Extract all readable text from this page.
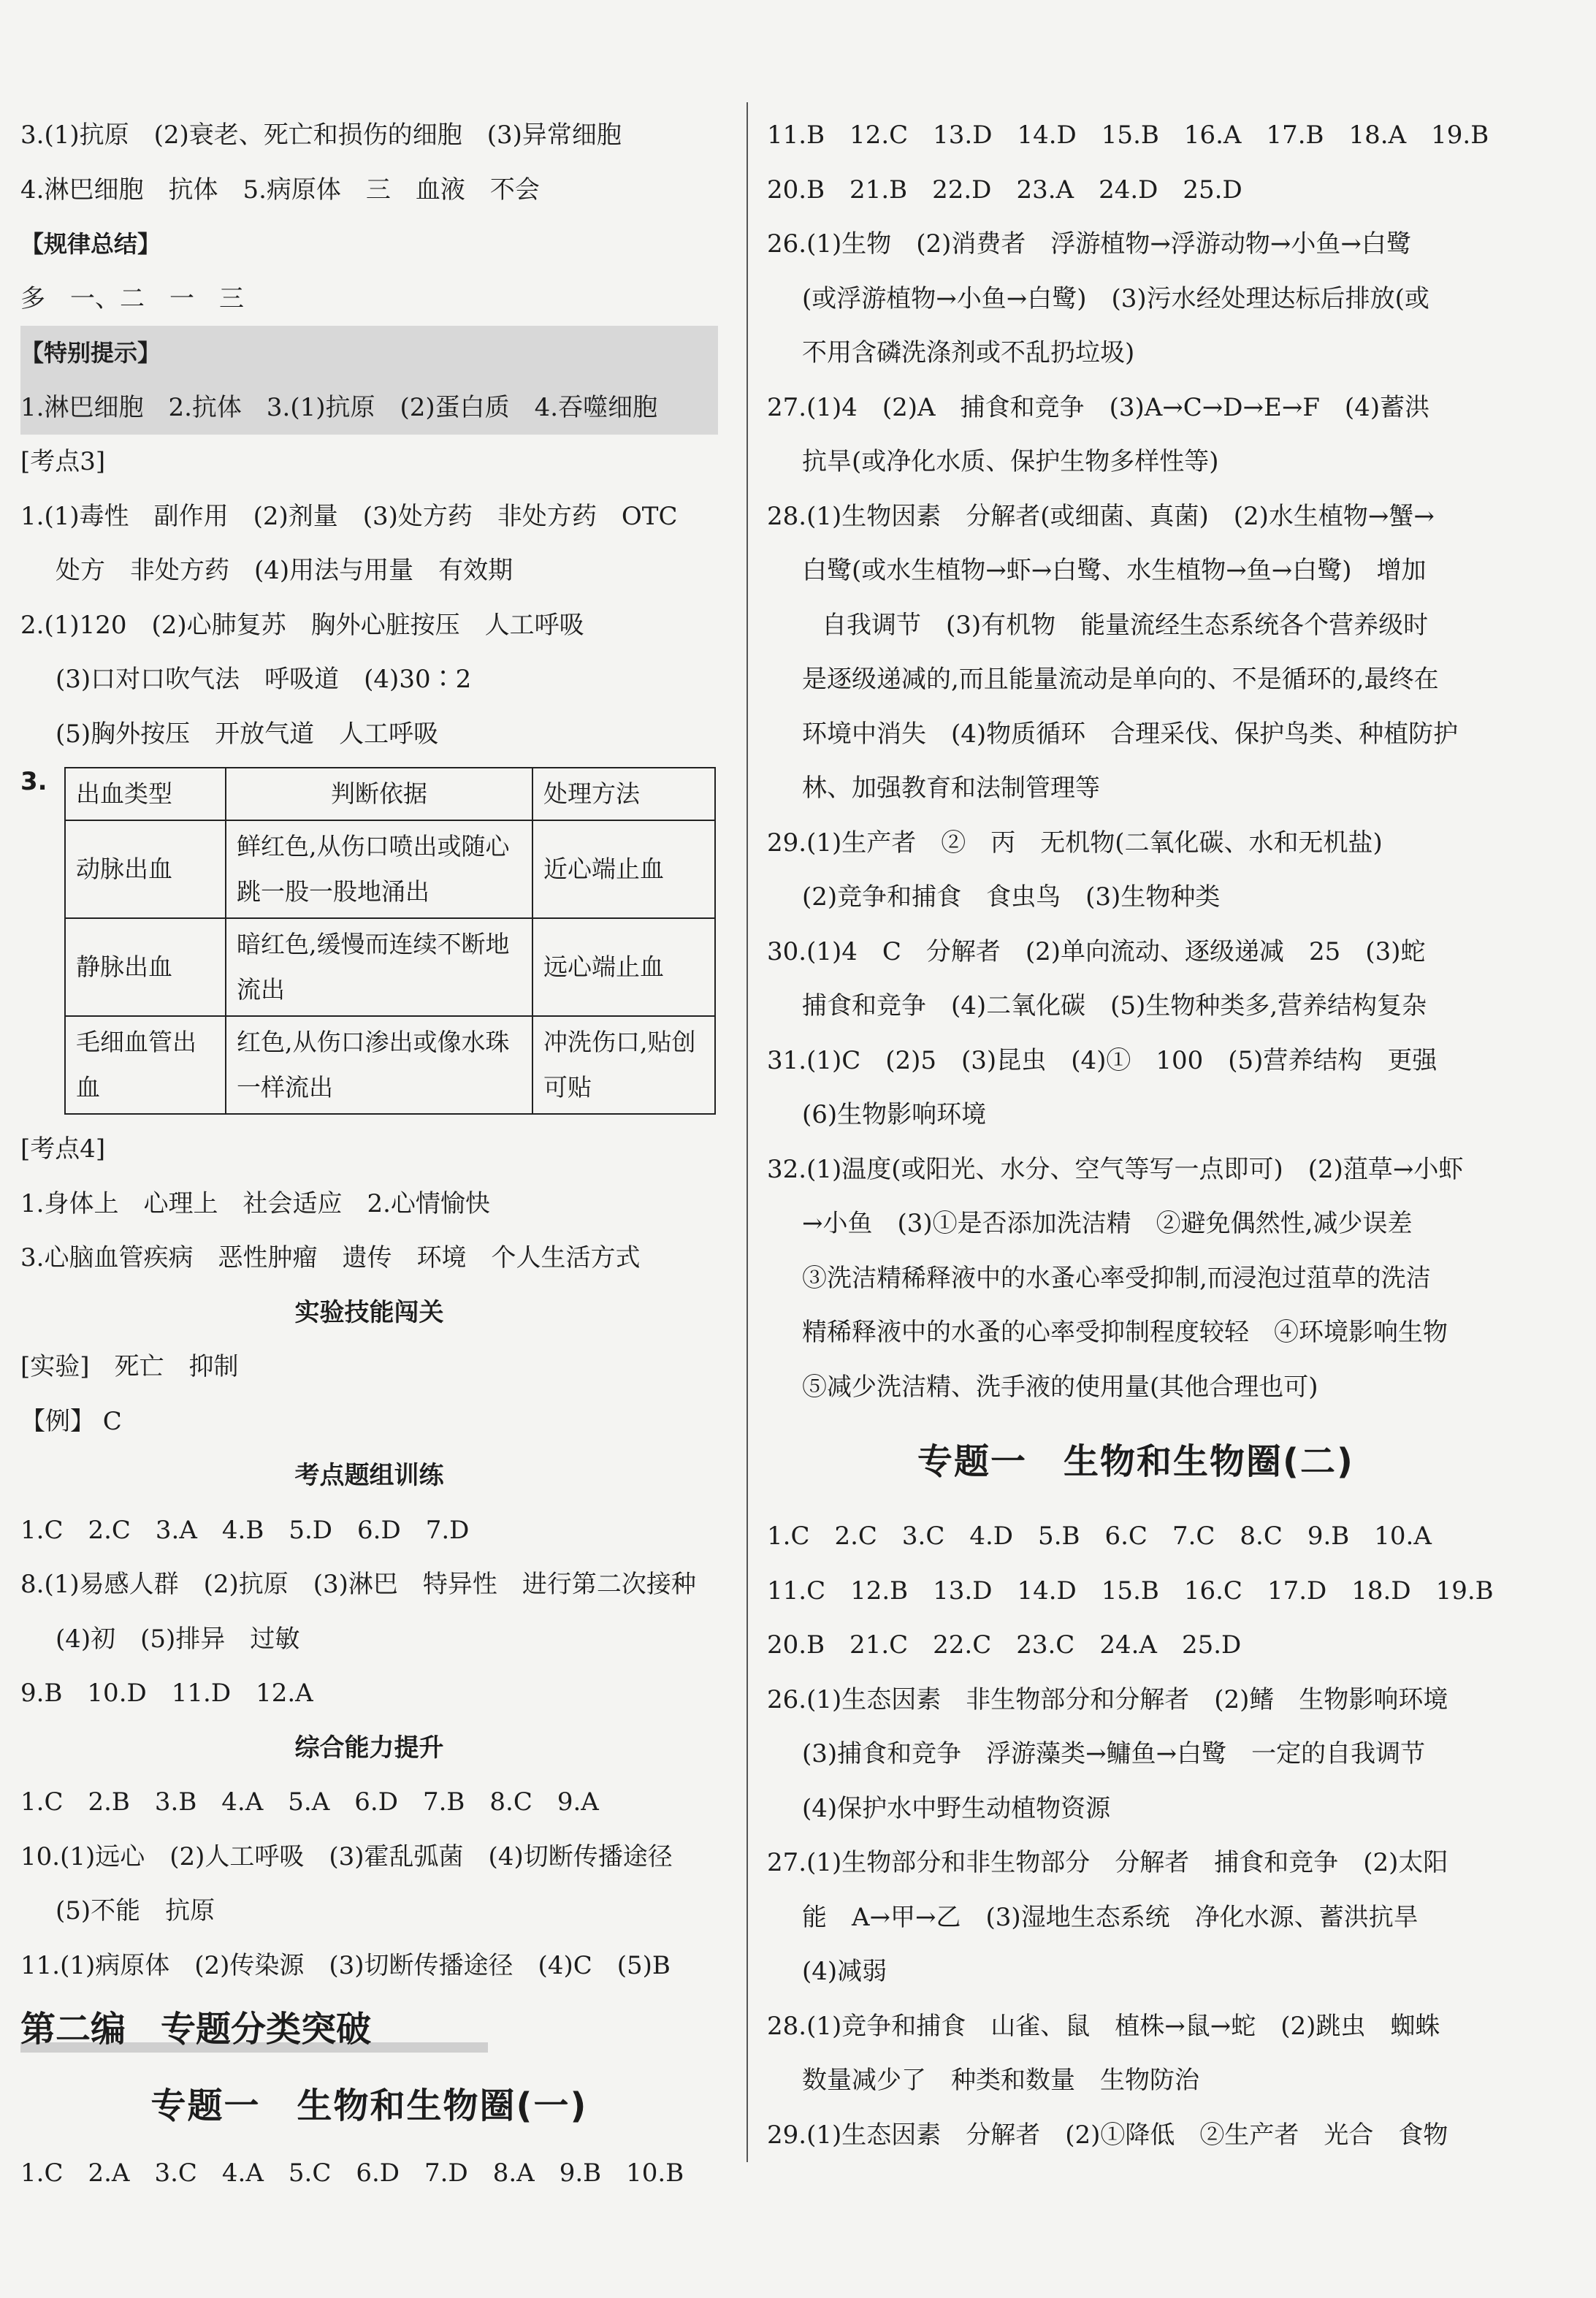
3.(1)抗原　(2)衰老、死亡和损伤的细胞　(3)异常细胞
4.淋巴细胞　抗体　5.病原体　三　血液　不会
【规律总结】
多　一、二　一　三
【特别提示】
1.淋巴细胞　2.抗体　3.(1)抗原　(2)蛋白质　4.吞噬细胞
[考点3]
1.(1)毒性　副作用　(2)剂量　(3)处方药　非处方药　OTC
处方　非处方药　(4)用法与用量　有效期
2.(1)120　(2)心肺复苏　胸外心脏按压　人工呼吸
(3)口对口吹气法　呼吸道　(4)30∶2
(5)胸外按压　开放气道　人工呼吸
3. 出血类型	判断依据	处理方法
动脉出血	鲜红色,从伤口喷出或随心跳一股一股地涌出	近心端止血
静脉出血	暗红色,缓慢而连续不断地流出	远心端止血
毛细血管出血	红色,从伤口渗出或像水珠一样流出	冲洗伤口,贴创可贴
[考点4]
1.身体上　心理上　社会适应　2.心情愉快
3.心脑血管疾病　恶性肿瘤　遗传　环境　个人生活方式
实验技能闯关
[实验]　死亡　抑制
【例】 C
考点题组训练
1.C　2.C　3.A　4.B　5.D　6.D　7.D
8.(1)易感人群　(2)抗原　(3)淋巴　特异性　进行第二次接种
(4)初　(5)排异　过敏
9.B　10.D　11.D　12.A
综合能力提升
1.C　2.B　3.B　4.A　5.A　6.D　7.B　8.C　9.A
10.(1)远心　(2)人工呼吸　(3)霍乱弧菌　(4)切断传播途径
(5)不能　抗原
11.(1)病原体　(2)传染源　(3)切断传播途径　(4)C　(5)B
第二编　专题分类突破
专题一　生物和生物圈(一)
1.C　2.A　3.C　4.A　5.C　6.D　7.D　8.A　9.B　10.B
11.B　12.C　13.D　14.D　15.B　16.A　17.B　18.A　19.B
20.B　21.B　22.D　23.A　24.D　25.D
26.(1)生物　(2)消费者　浮游植物→浮游动物→小鱼→白鹭
(或浮游植物→小鱼→白鹭)　(3)污水经处理达标后排放(或
不用含磷洗涤剂或不乱扔垃圾)
27.(1)4　(2)A　捕食和竞争　(3)A→C→D→E→F　(4)蓄洪
抗旱(或净化水质、保护生物多样性等)
28.(1)生物因素　分解者(或细菌、真菌)　(2)水生植物→蟹→
白鹭(或水生植物→虾→白鹭、水生植物→鱼→白鹭)　增加
自我调节　(3)有机物　能量流经生态系统各个营养级时
是逐级递减的,而且能量流动是单向的、不是循环的,最终在
环境中消失　(4)物质循环　合理采伐、保护鸟类、种植防护
林、加强教育和法制管理等
29.(1)生产者　②　丙　无机物(二氧化碳、水和无机盐)
(2)竞争和捕食　食虫鸟　(3)生物种类
30.(1)4　C　分解者　(2)单向流动、逐级递减　25　(3)蛇
捕食和竞争　(4)二氧化碳　(5)生物种类多,营养结构复杂
31.(1)C　(2)5　(3)昆虫　(4)①　100　(5)营养结构　更强
(6)生物影响环境
32.(1)温度(或阳光、水分、空气等写一点即可)　(2)菹草→小虾
→小鱼　(3)①是否添加洗洁精　②避免偶然性,减少误差
③洗洁精稀释液中的水蚤心率受抑制,而浸泡过菹草的洗洁
精稀释液中的水蚤的心率受抑制程度较轻　④环境影响生物
⑤减少洗洁精、洗手液的使用量(其他合理也可)
专题一　生物和生物圈(二)
1.C　2.C　3.C　4.D　5.B　6.C　7.C　8.C　9.B　10.A
11.C　12.B　13.D　14.D　15.B　16.C　17.D　18.D　19.B
20.B　21.C　22.C　23.C　24.A　25.D
26.(1)生态因素　非生物部分和分解者　(2)鳍　生物影响环境
(3)捕食和竞争　浮游藻类→鳙鱼→白鹭　一定的自我调节
(4)保护水中野生动植物资源
27.(1)生物部分和非生物部分　分解者　捕食和竞争　(2)太阳
能　A→甲→乙　(3)湿地生态系统　净化水源、蓄洪抗旱
(4)减弱
28.(1)竞争和捕食　山雀、鼠　植株→鼠→蛇　(2)跳虫　蜘蛛
数量减少了　种类和数量　生物防治
29.(1)生态因素　分解者　(2)①降低　②生产者　光合　食物
